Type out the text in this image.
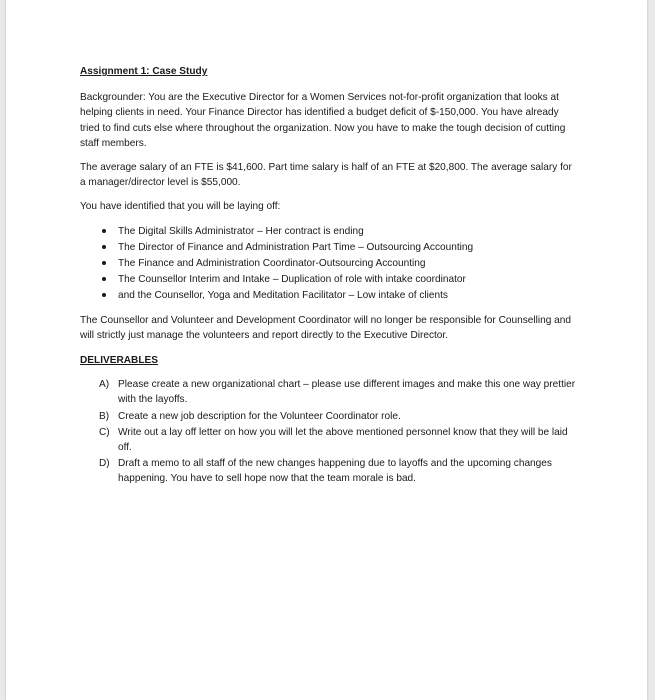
Assignment 1: Case Study

Backgrounder: You are the Executive Director for a Women Services not-for-profit organization that looks at helping clients in need. Your Finance Director has identified a budget deficit of $-150,000. You have already tried to find cuts else where throughout the organization. Now you have to make the tough decision of cutting staff members.

The average salary of an FTE is $41,600. Part time salary is half of an FTE at $20,800. The average salary for a manager/director level is $55,000.

You have identified that you will be laying off:

The Digital Skills Administrator – Her contract is ending
The Director of Finance and Administration Part Time – Outsourcing Accounting
The Finance and Administration Coordinator-Outsourcing Accounting
The Counsellor Interim and Intake – Duplication of role with intake coordinator
and the Counsellor, Yoga and Meditation Facilitator – Low intake of clients

The Counsellor and Volunteer and Development Coordinator will no longer be responsible for Counselling and will strictly just manage the volunteers and report directly to the Executive Director.

DELIVERABLES
A) Please create a new organizational chart – please use different images and make this one way prettier with the layoffs.
B) Create a new job description for the Volunteer Coordinator role.
C) Write out a lay off letter on how you will let the above mentioned personnel know that they will be laid off.
D) Draft a memo to all staff of the new changes happening due to layoffs and the upcoming changes happening. You have to sell hope now that the team morale is bad.
